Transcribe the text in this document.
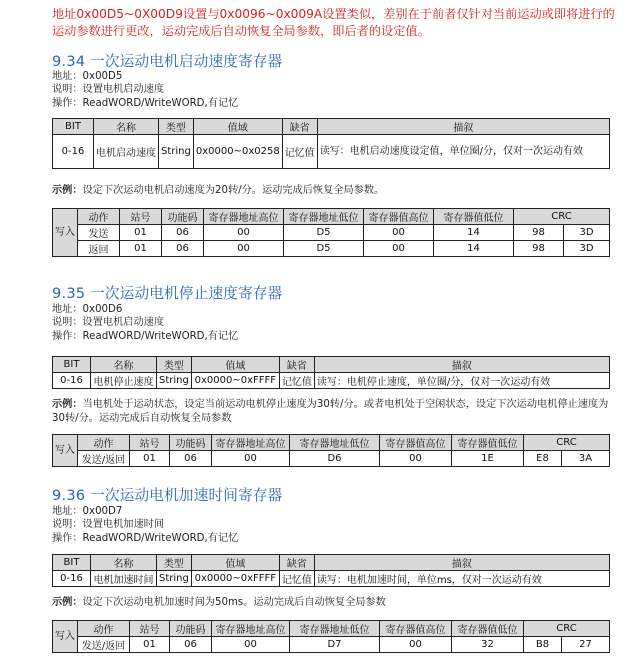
地址0x00D5~0X00D9设置与0x0096~0x009A设置类似，差别在于前者仅针对当前运动或即将进行的运动参数进行更改，运动完成后自动恢复全局参数，即后者的设定值。
9.34 一次运动电机启动速度寄存器
地址：0x00D5
说明：设置电机启动速度
操作：ReadWORD/WriteWORD,有记忆
BIT	名称	类型	值域	缺省	描叙
0-16	电机启动速度	String	0x0000~0x0258	记忆值	读写：电机启动速度设定值，单位圈/分，仅对一次运动有效
示例：设定下次运动电机启动速度为20转/分。运动完成后恢复全局参数。
写入	动作	站号	功能码	寄存器地址高位	寄存器地址低位	寄存器值高位	寄存器值低位	CRC	
	发送	01	06	00	D5	00	14	98	3D
	返回	01	06	00	D5	00	14	98	3D
9.35 一次运动电机停止速度寄存器
地址：0x00D6
说明：设置电机启动速度
操作：ReadWORD/WriteWORD,有记忆
BIT	名称	类型	值域	缺省	描叙
0-16	电机停止速度	String	0x0000~0xFFFF	记忆值	读写：电机停止速度，单位圈/分，仅对一次运动有效
示例：当电机处于运动状态，设定当前运动电机停止速度为30转/分。或者电机处于空闲状态，设定下次运动电机停止速度为30转/分。运动完成后自动恢复全局参数
写入	动作	站号	功能码	寄存器地址高位	寄存器地址低位	寄存器值高位	寄存器值低位	CRC	
	发送/返回	01	06	00	D6	00	1E	E8	3A
9.36 一次运动电机加速时间寄存器
地址：0x00D7
说明：设置电机加速时间
操作：ReadWORD/WriteWORD,有记忆
BIT	名称	类型	值域	缺省	描叙
0-16	电机加速时间	String	0x0000~0xFFFF	记忆值	读写：电机加速时间，单位ms，仅对一次运动有效
示例：设定下次运动电机加速时间为50ms。运动完成后自动恢复全局参数
写入	动作	站号	功能码	寄存器地址高位	寄存器地址低位	寄存器值高位	寄存器值低位	CRC	
	发送/返回	01	06	00	D7	00	32	B8	27
